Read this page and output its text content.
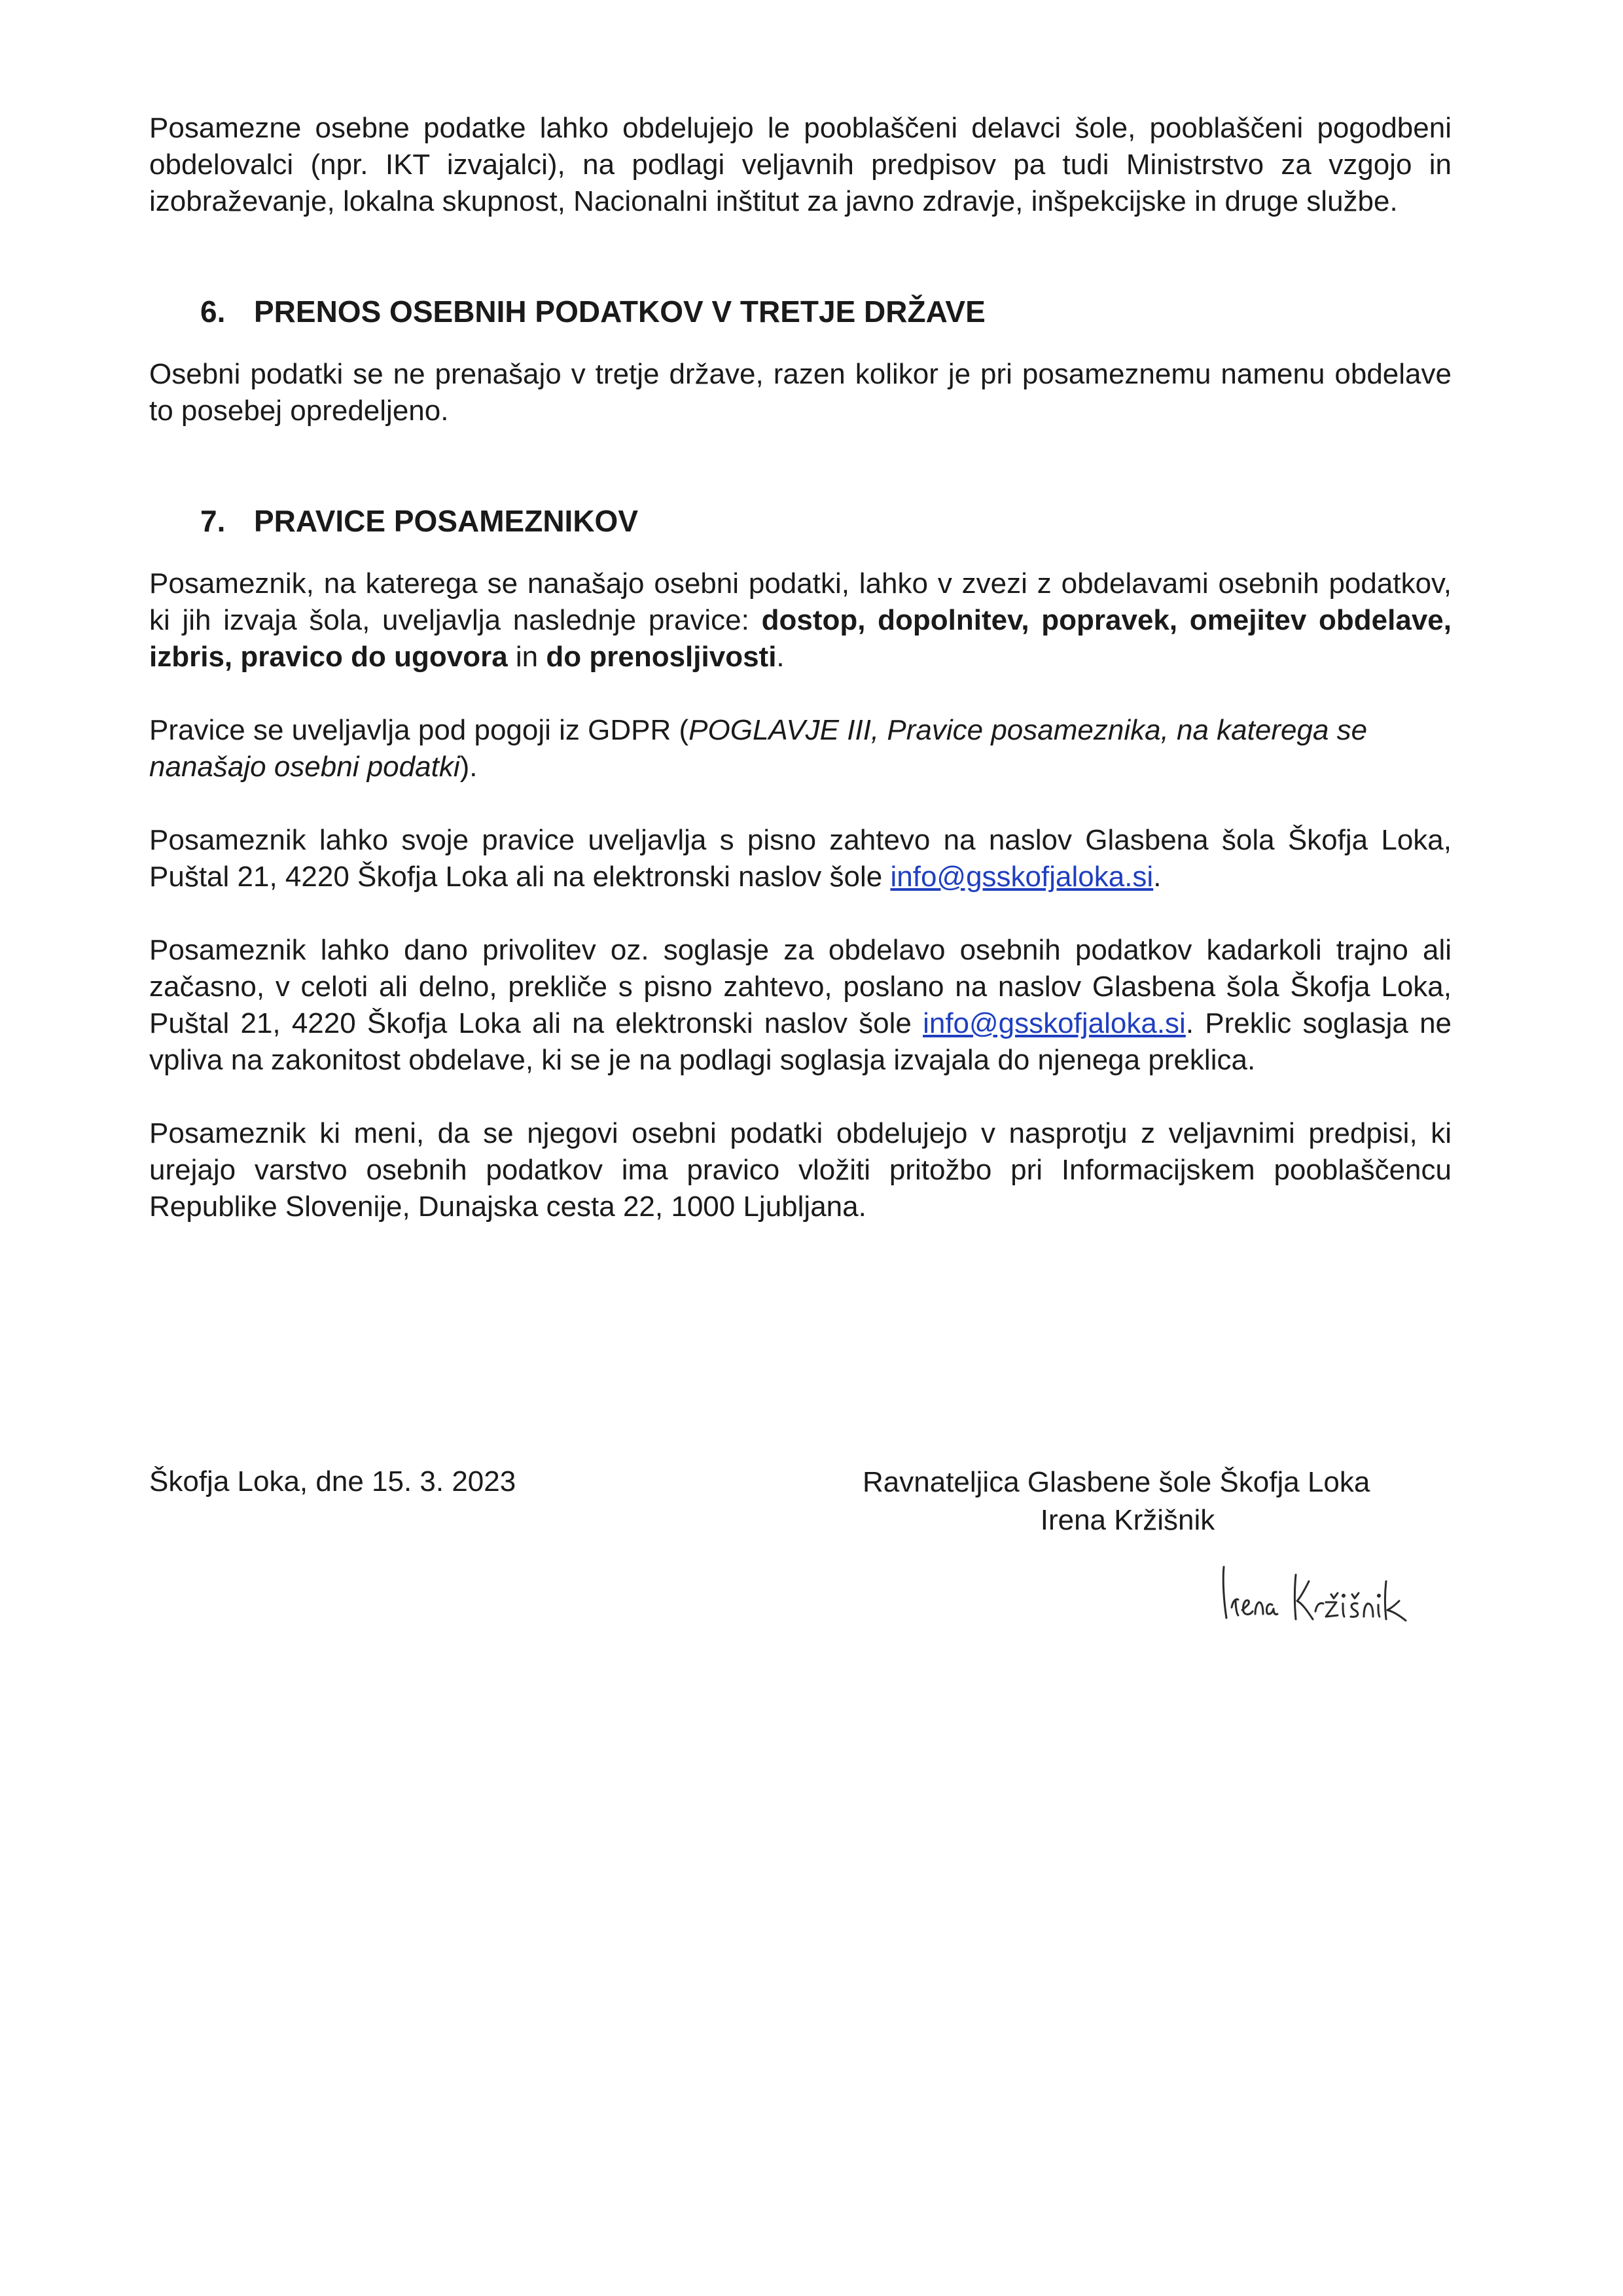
Posamezne osebne podatke lahko obdelujejo le pooblaščeni delavci šole, pooblaščeni pogodbeni obdelovalci (npr. IKT izvajalci), na podlagi veljavnih predpisov pa tudi Ministrstvo za vzgojo in izobraževanje, lokalna skupnost, Nacionalni inštitut za javno zdravje, inšpekcijske in druge službe.

6. PRENOS OSEBNIH PODATKOV V TRETJE DRŽAVE

Osebni podatki se ne prenašajo v tretje države, razen kolikor je pri posameznemu namenu obdelave to posebej opredeljeno.

7. PRAVICE POSAMEZNIKOV

Posameznik, na katerega se nanašajo osebni podatki, lahko v zvezi z obdelavami osebnih podatkov, ki jih izvaja šola, uveljavlja naslednje pravice: dostop, dopolnitev, popravek, omejitev obdelave, izbris, pravico do ugovora in do prenosljivosti.

Pravice se uveljavlja pod pogoji iz GDPR (POGLAVJE III, Pravice posameznika, na katerega se nanašajo osebni podatki).

Posameznik lahko svoje pravice uveljavlja s pisno zahtevo na naslov Glasbena šola Škofja Loka, Puštal 21, 4220 Škofja Loka ali na elektronski naslov šole info@gsskofjaloka.si.

Posameznik lahko dano privolitev oz. soglasje za obdelavo osebnih podatkov kadarkoli trajno ali začasno, v celoti ali delno, prekliče s pisno zahtevo, poslano na naslov Glasbena šola Škofja Loka, Puštal 21, 4220 Škofja Loka ali na elektronski naslov šole info@gsskofjaloka.si. Preklic soglasja ne vpliva na zakonitost obdelave, ki se je na podlagi soglasja izvajala do njenega preklica.

Posameznik ki meni, da se njegovi osebni podatki obdelujejo v nasprotju z veljavnimi predpisi, ki urejajo varstvo osebnih podatkov ima pravico vložiti pritožbo pri Informacijskem pooblaščencu Republike Slovenije, Dunajska cesta 22, 1000 Ljubljana.

Škofja Loka, dne 15. 3. 2023	Ravnateljica Glasbene šole Škofja Loka
Irena Kržišnik
